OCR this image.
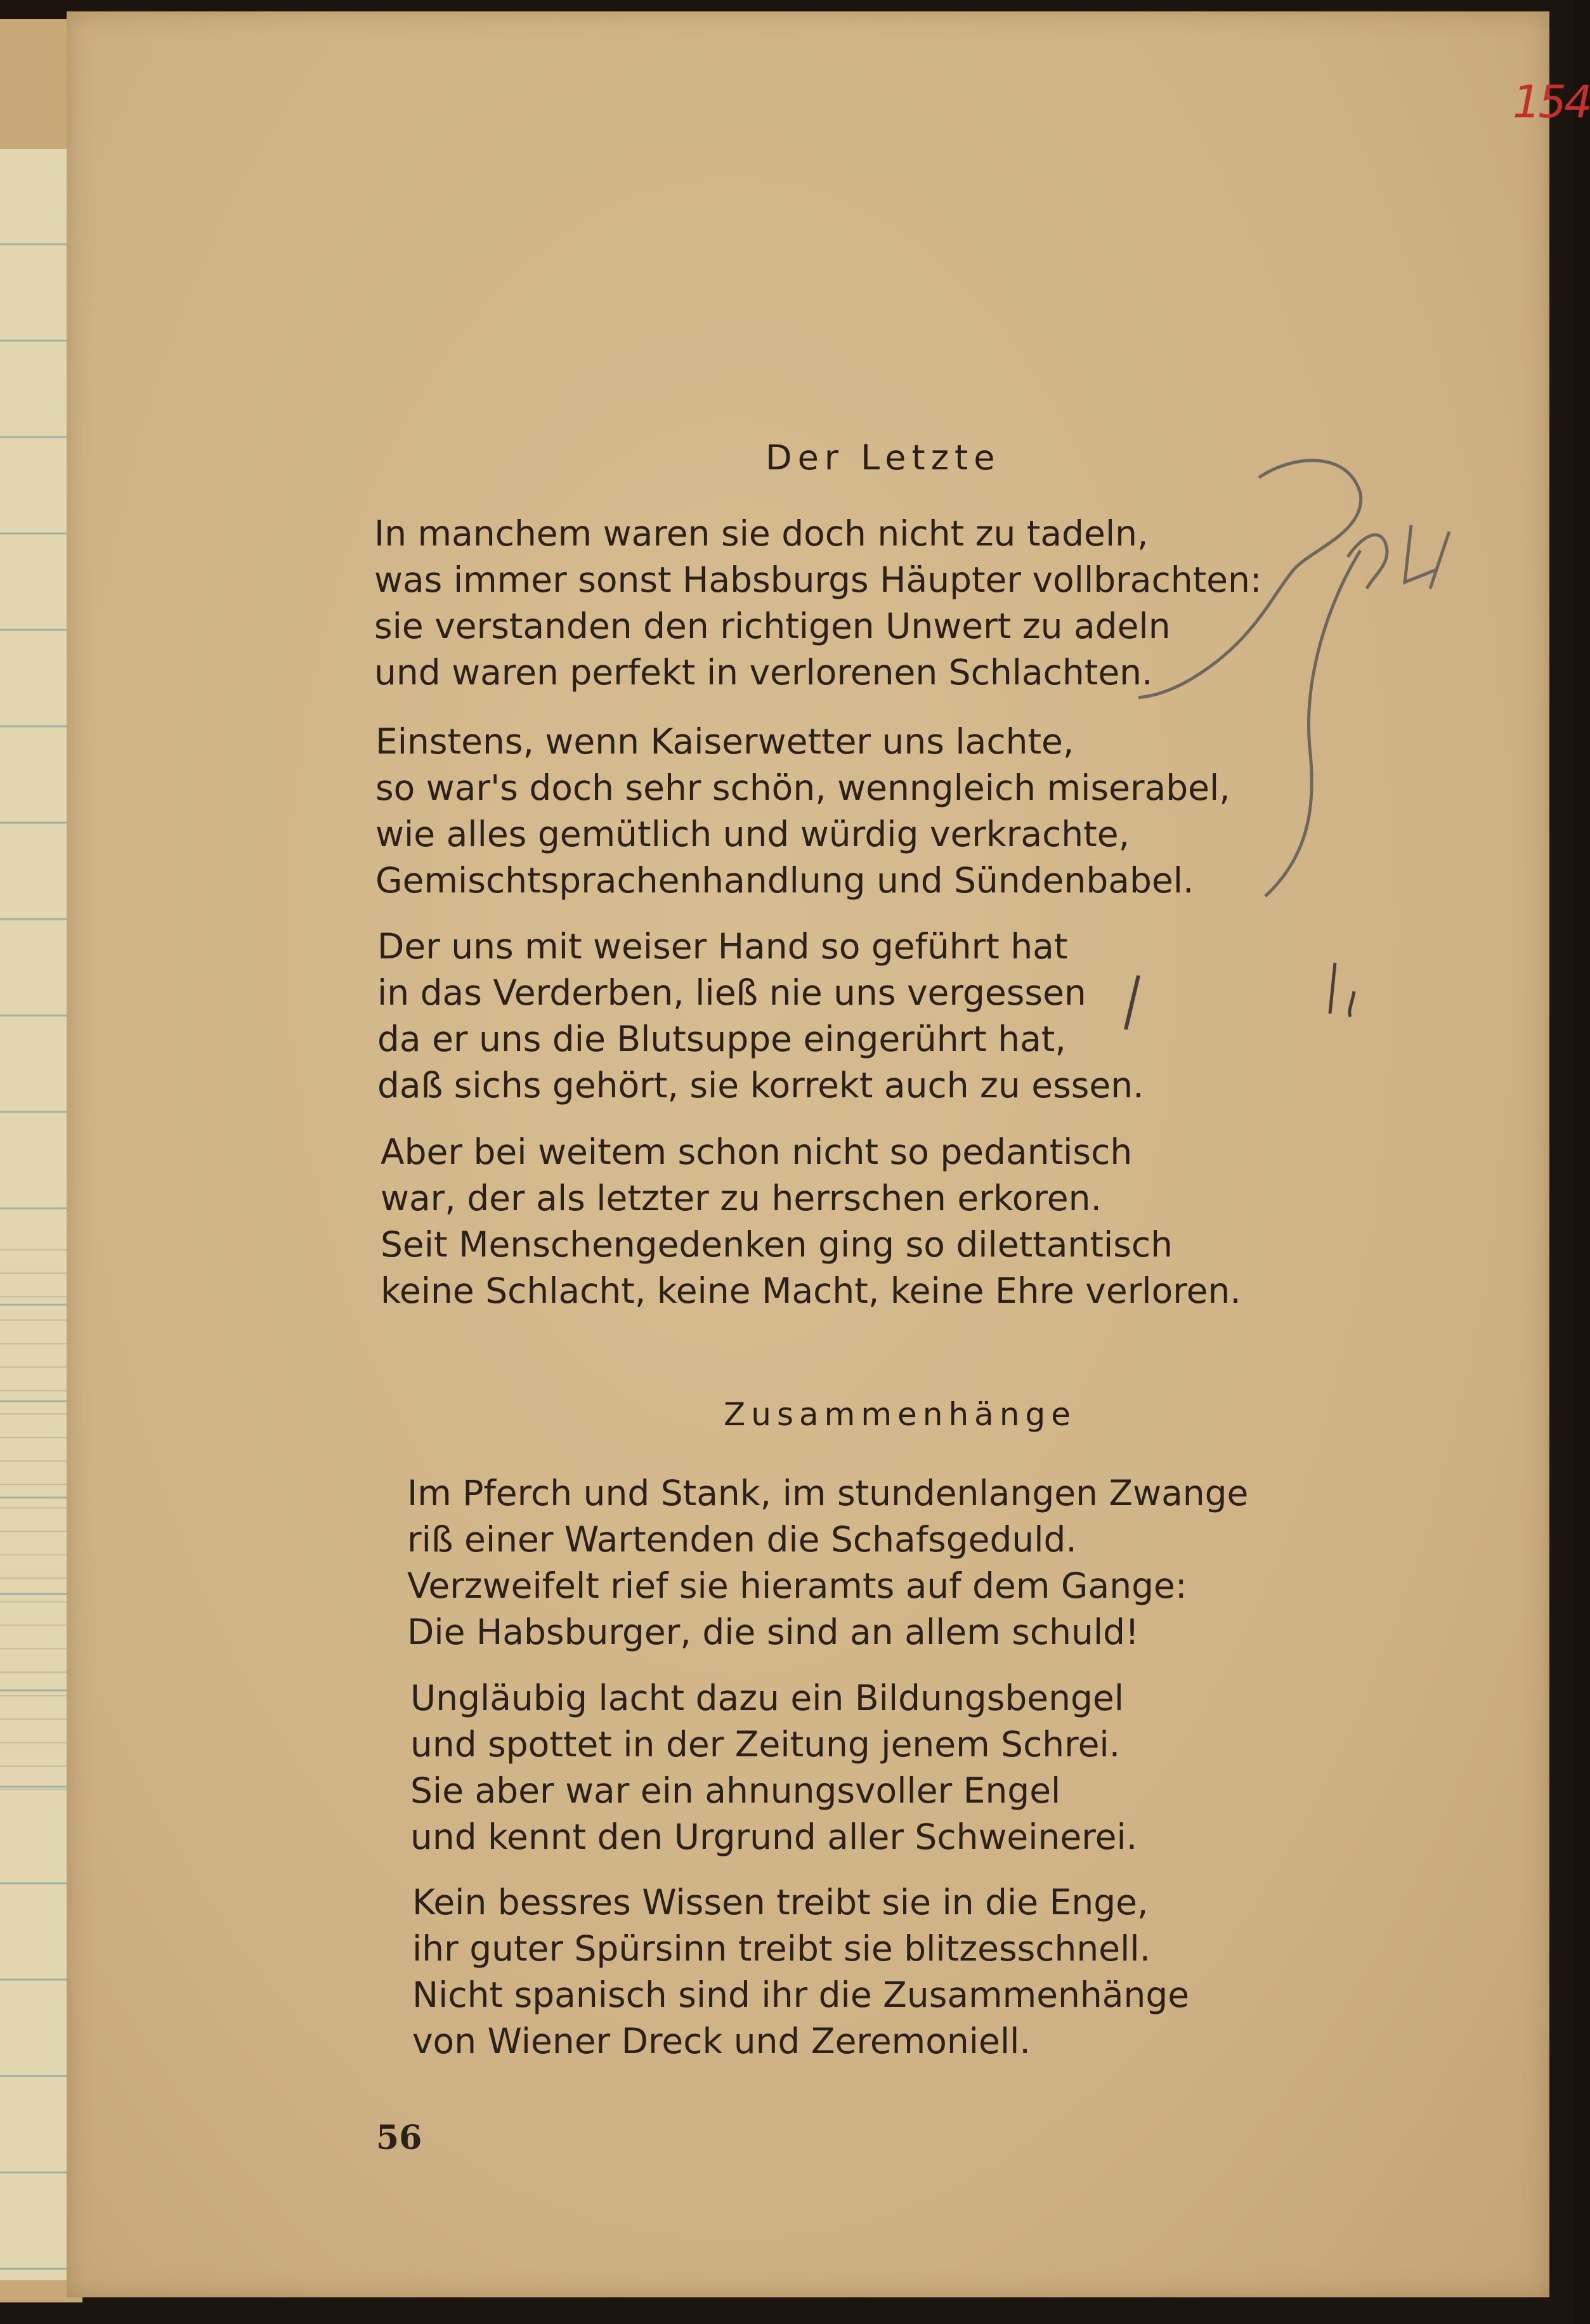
154
Der Letzte
In manchem waren sie doch nicht zu tadeln,
was immer sonst Habsburgs Häupter vollbrachten:
sie verstanden den richtigen Unwert zu adeln
und waren perfekt in verlorenen Schlachten.
Einstens, wenn Kaiserwetter uns lachte,
so war's doch sehr schön, wenngleich miserabel,
wie alles gemütlich und würdig verkrachte,
Gemischtsprachenhandlung und Sündenbabel.
Der uns mit weiser Hand so geführt hat
in das Verderben, ließ nie uns vergessen
da er uns die Blutsuppe eingerührt hat,
daß sichs gehört, sie korrekt auch zu essen.
Aber bei weitem schon nicht so pedantisch
war, der als letzter zu herrschen erkoren.
Seit Menschengedenken ging so dilettantisch
keine Schlacht, keine Macht, keine Ehre verloren.
Zusammenhänge
Im Pferch und Stank, im stundenlangen Zwange
riß einer Wartenden die Schafsgeduld.
Verzweifelt rief sie hieramts auf dem Gange:
Die Habsburger, die sind an allem schuld!
Ungläubig lacht dazu ein Bildungsbengel
und spottet in der Zeitung jenem Schrei.
Sie aber war ein ahnungsvoller Engel
und kennt den Urgrund aller Schweinerei.
Kein bessres Wissen treibt sie in die Enge,
ihr guter Spürsinn treibt sie blitzesschnell.
Nicht spanisch sind ihr die Zusammenhänge
von Wiener Dreck und Zeremoniell.
56
